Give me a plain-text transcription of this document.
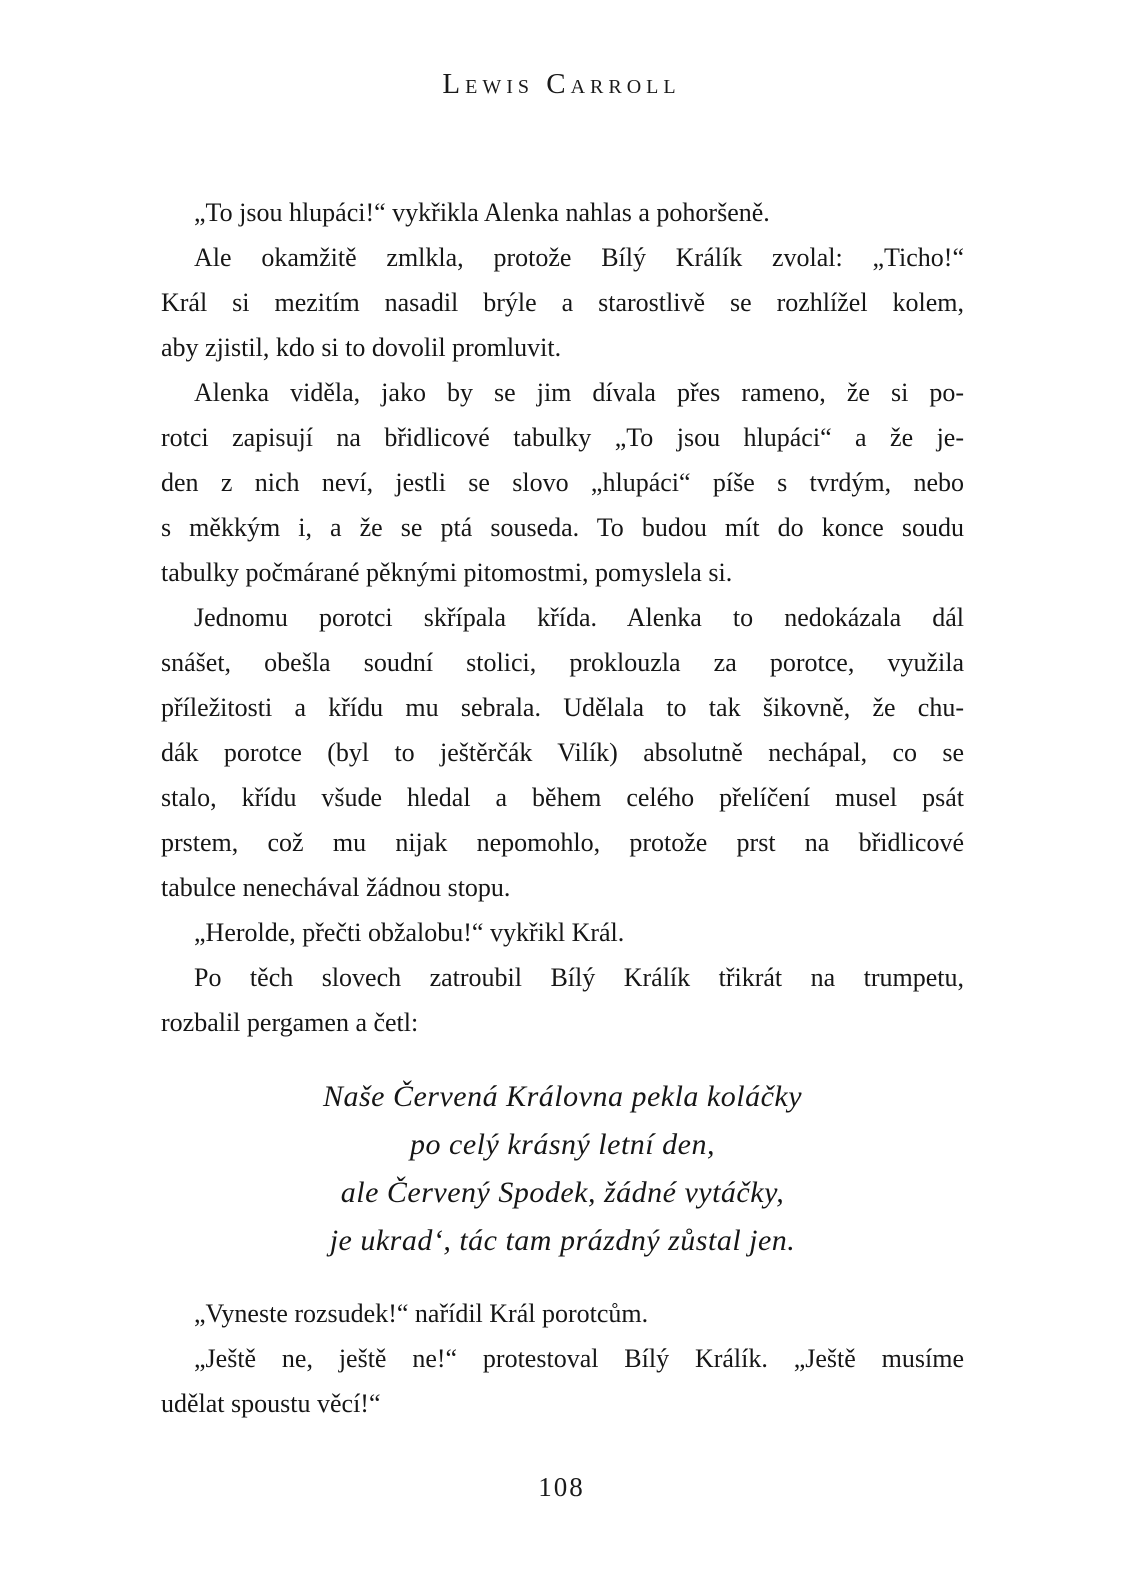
Lewis Carroll
„To jsou hlupáci!“ vykřikla Alenka nahlas a pohoršeně.
Ale okamžitě zmlkla, protože Bílý Králík zvolal: „Ticho!“
Král si mezitím nasadil brýle a starostlivě se rozhlížel kolem,
aby zjistil, kdo si to dovolil promluvit.
Alenka viděla, jako by se jim dívala přes rameno, že si po-
rotci zapisují na břidlicové tabulky „To jsou hlupáci“ a že je-
den z nich neví, jestli se slovo „hlupáci“ píše s tvrdým, nebo
s měkkým i, a že se ptá souseda. To budou mít do konce soudu
tabulky počmárané pěknými pitomostmi, pomyslela si.
Jednomu porotci skřípala křída. Alenka to nedokázala dál
snášet, obešla soudní stolici, proklouzla za porotce, využila
příležitosti a křídu mu sebrala. Udělala to tak šikovně, že chu-
dák porotce (byl to ještěrčák Vilík) absolutně nechápal, co se
stalo, křídu všude hledal a během celého přelíčení musel psát
prstem, což mu nijak nepomohlo, protože prst na břidlicové
tabulce nenechával žádnou stopu.
„Herolde, přečti obžalobu!“ vykřikl Král.
Po těch slovech zatroubil Bílý Králík třikrát na trumpetu,
rozbalil pergamen a četl:
Naše Červená Královna pekla koláčky
po celý krásný letní den,
ale Červený Spodek, žádné vytáčky,
je ukrad‘, tác tam prázdný zůstal jen.
„Vyneste rozsudek!“ nařídil Král porotcům.
„Ještě ne, ještě ne!“ protestoval Bílý Králík. „Ještě musíme
udělat spoustu věcí!“
108
